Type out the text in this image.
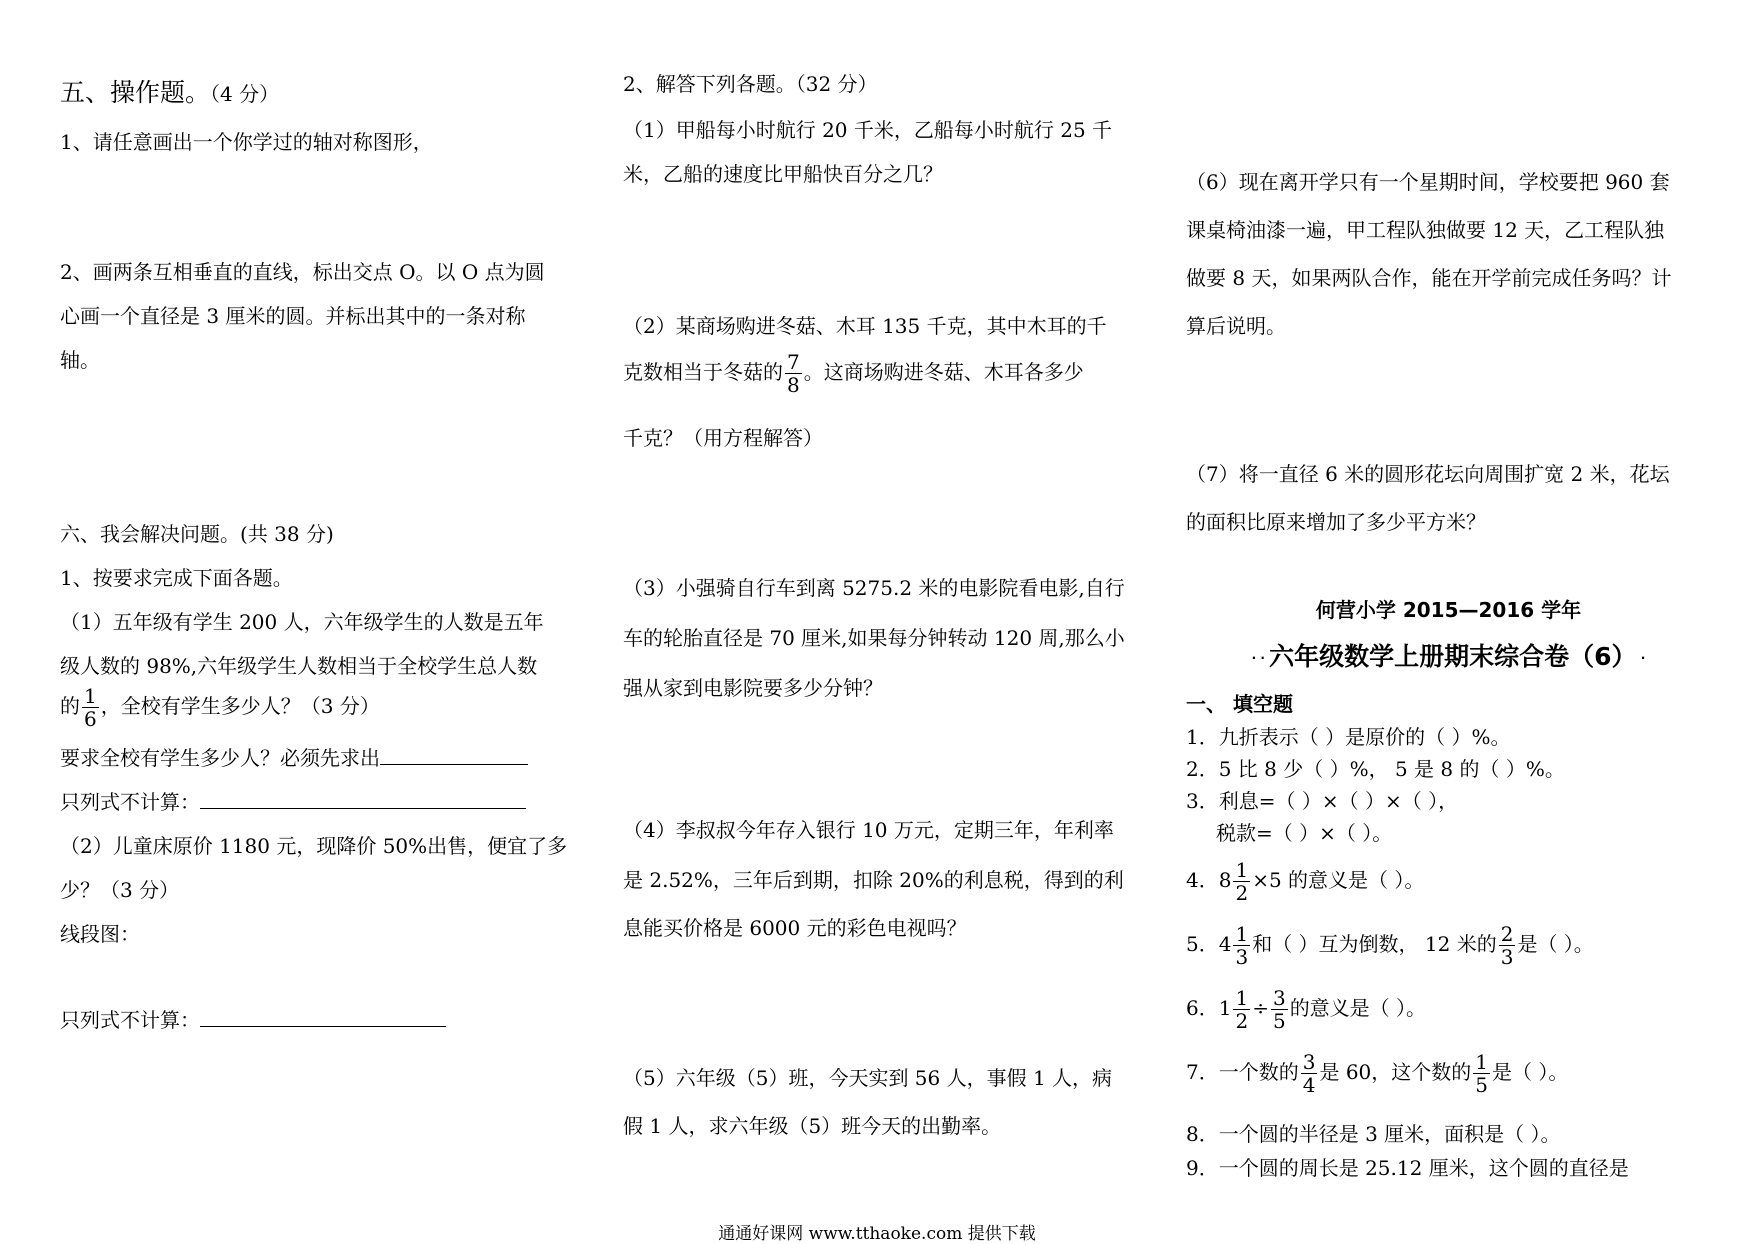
五、操作题。（4 分）
1、请任意画出一个你学过的轴对称图形，
2、画两条互相垂直的直线，标出交点 O。以 O 点为圆
心画一个直径是 3 厘米的圆。并标出其中的一条对称
轴。
六、我会解决问题。(共 38 分)
1、按要求完成下面各题。
（1）五年级有学生 200 人，六年级学生的人数是五年
级人数的 98%,六年级学生人数相当于全校学生总人数
的 $\frac{1}{6}$ ，全校有学生多少人？（3 分）
要求全校有学生多少人？必须先求出
只列式不计算：
（2）儿童床原价 1180 元，现降价 50%出售，便宜了多
少？（3 分）
线段图：
只列式不计算：
2、解答下列各题。（32 分）
（1）甲船每小时航行 20 千米，乙船每小时航行 25 千
米，乙船的速度比甲船快百分之几？
（2）某商场购进冬菇、木耳 135 千克，其中木耳的千
克数相当于冬菇的 $\frac{7}{8}$ 。这商场购进冬菇、木耳各多少
千克？（用方程解答）
（3）小强骑自行车到离 5275.2 米的电影院看电影,自行
车的轮胎直径是 70 厘米,如果每分钟转动 120 周,那么小
强从家到电影院要多少分钟？
（4）李叔叔今年存入银行 10 万元，定期三年，年利率
是 2.52%，三年后到期，扣除 20%的利息税，得到的利
息能买价格是 6000 元的彩色电视吗？
（5）六年级（5）班，今天实到 56 人，事假 1 人，病
假 1 人，求六年级（5）班今天的出勤率。
（6）现在离开学只有一个星期时间，学校要把 960 套
课桌椅油漆一遍，甲工程队独做要 12 天，乙工程队独
做要 8 天，如果两队合作，能在开学前完成任务吗？计
算后说明。
（7）将一直径 6 米的圆形花坛向周围扩宽 2 米，花坛
的面积比原来增加了多少平方米？
何营小学 2015—2016 学年
· · 六年级数学上册期末综合卷（6） ·
一、 填空题
1．九折表示（ ）是原价的（ ）%。
2．5 比 8 少（ ）%， 5 是 8 的（ ）%。
3．利息=（ ）×（ ）×（ ），
税款=（ ）×（ ）。
4．$8 \frac{1}{2} \times 5$ 的意义是（ ）。
5．$4 \frac{1}{3}$ 和（ ）互为倒数， 12 米的 $\frac{2}{3}$ 是（ ）。
6．$1 \frac{1}{2} \div \frac{3}{5}$ 的意义是（ ）。
7．一个数的 $\frac{3}{4}$ 是 60，这个数的 $\frac{1}{5}$ 是（ ）。
8．一个圆的半径是 3 厘米，面积是（ ）。
9．一个圆的周长是 25.12 厘米，这个圆的直径是
通通好课网 www.tthaoke.com 提供下载
